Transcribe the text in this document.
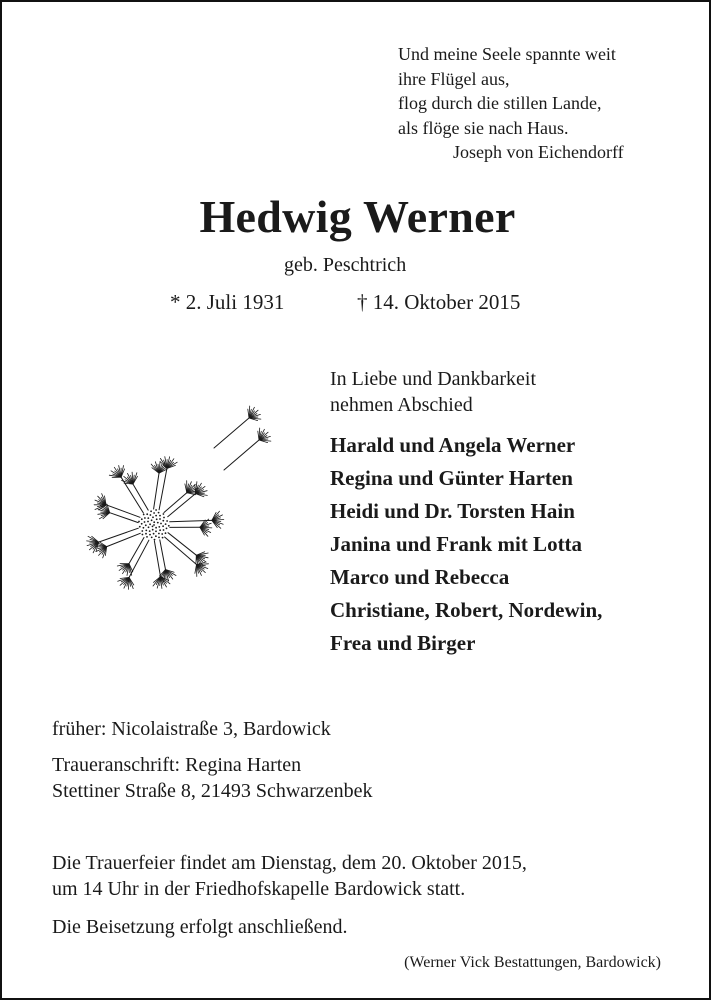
Und meine Seele spannte weit
ihre Flügel aus,
flog durch die stillen Lande,
als flöge sie nach Haus.
Joseph von Eichendorff
Hedwig Werner
geb. Peschtrich
* 2. Juli 1931	† 14. Oktober 2015
In Liebe und Dankbarkeit
nehmen Abschied
Harald und Angela Werner
Regina und Günter Harten
Heidi und Dr. Torsten Hain
Janina und Frank mit Lotta
Marco und Rebecca
Christiane, Robert, Nordewin,
Frea und Birger
früher: Nicolaistraße 3, Bardowick
Traueranschrift: Regina Harten
Stettiner Straße 8, 21493 Schwarzenbek
Die Trauerfeier findet am Dienstag, dem 20. Oktober 2015,
um 14 Uhr in der Friedhofskapelle Bardowick statt.
Die Beisetzung erfolgt anschließend.
(Werner Vick Bestattungen, Bardowick)
